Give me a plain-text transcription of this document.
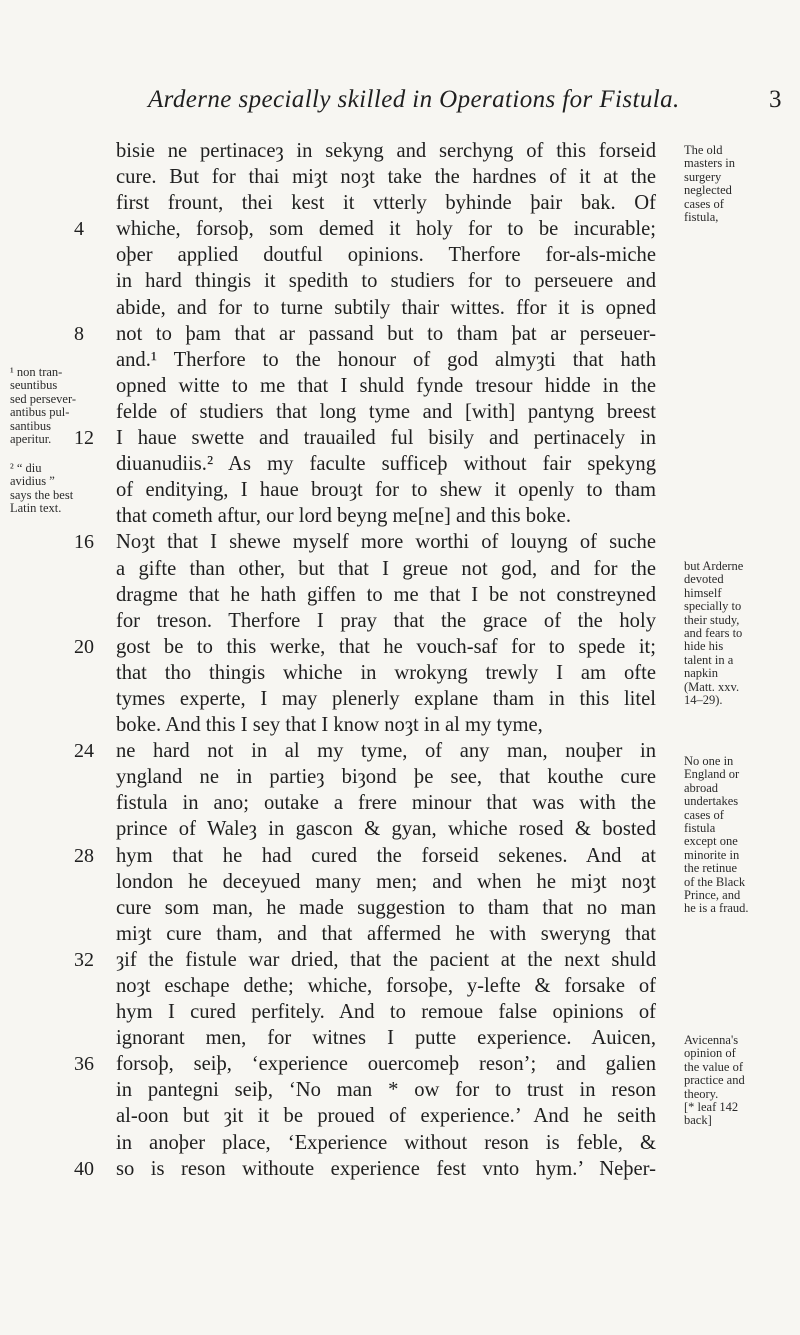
Arderne specially skilled in Operations for Fistula.	3
bisie ne pertinaceȝ in sekyng and serchyng of this forseid
cure. But for thai miȝt noȝt take the hardnes of it at the
first frount, thei kest it vtterly byhinde þair bak. Of
4	whiche, forsoþ, som demed it holy for to be incurable;
oþer applied doutful opinions. Therfore for-als-miche
in hard thingis it spedith to studiers for to perseuere and
abide, and for to turne subtily thair wittes. ffor it is opned
8	not to þam that ar passand but to tham þat ar perseuer-
and.¹ Therfore to the honour of god almyȝti that hath
opned witte to me that I shuld fynde tresour hidde in the
felde of studiers that long tyme and [with] pantyng breest
12	I haue swette and trauailed ful bisily and pertinacely in
diuanudiis.² As my faculte sufficeþ without fair spekyng
of enditying, I haue brouȝt for to shew it openly to tham
that cometh aftur, our lord beyng me[ne] and this boke.
16	Noȝt that I shewe myself more worthi of louyng of suche
a gifte than other, but that I greue not god, and for the
dragme that he hath giffen to me that I be not constreyned
for treson. Therfore I pray that the grace of the holy
20	gost be to this werke, that he vouch-saf for to spede it;
that tho thingis whiche in wrokyng trewly I am ofte
tymes experte, I may plenerly explane tham in this litel
boke. And this I sey that I know noȝt in al my tyme,
24	ne hard not in al my tyme, of any man, nouþer in
yngland ne in partieȝ biȝond þe see, that kouthe cure
fistula in ano; outake a frere minour that was with the
prince of Waleȝ in gascon & gyan, whiche rosed & bosted
28	hym that he had cured the forseid sekenes. And at
london he deceyued many men; and when he miȝt noȝt
cure som man, he made suggestion to tham that no man
miȝt cure tham, and that affermed he with sweryng that
32	ȝif the fistule war dried, that the pacient at the next shuld
noȝt eschape dethe; whiche, forsoþe, y-lefte & forsake of
hym I cured perfitely. And to remoue false opinions of
ignorant men, for witnes I putte experience. Auicen,
36	forsoþ, seiþ, ‘experience ouercomeþ reson’; and galien
in pantegni seiþ, ‘No man * ow for to trust in reson
al-oon but ȝit it be proued of experience.’ And he seith
in anoþer place, ‘Experience without reson is feble, &
40	so is reson withoute experience fest vnto hym.’ Neþer-
¹ non tran-
seuntibus
sed persever-
antibus pul-
santibus
aperitur.
² “ diu
avidius ”
says the best
Latin text.
The old
masters in
surgery
neglected
cases of
fistula,
but Arderne
devoted
himself
specially to
their study,
and fears to
hide his
talent in a
napkin
(Matt. xxv.
14–29).
No one in
England or
abroad
undertakes
cases of
fistula
except one
minorite in
the retinue
of the Black
Prince, and
he is a fraud.
Avicenna's
opinion of
the value of
practice and
theory.
[* leaf 142
back]
